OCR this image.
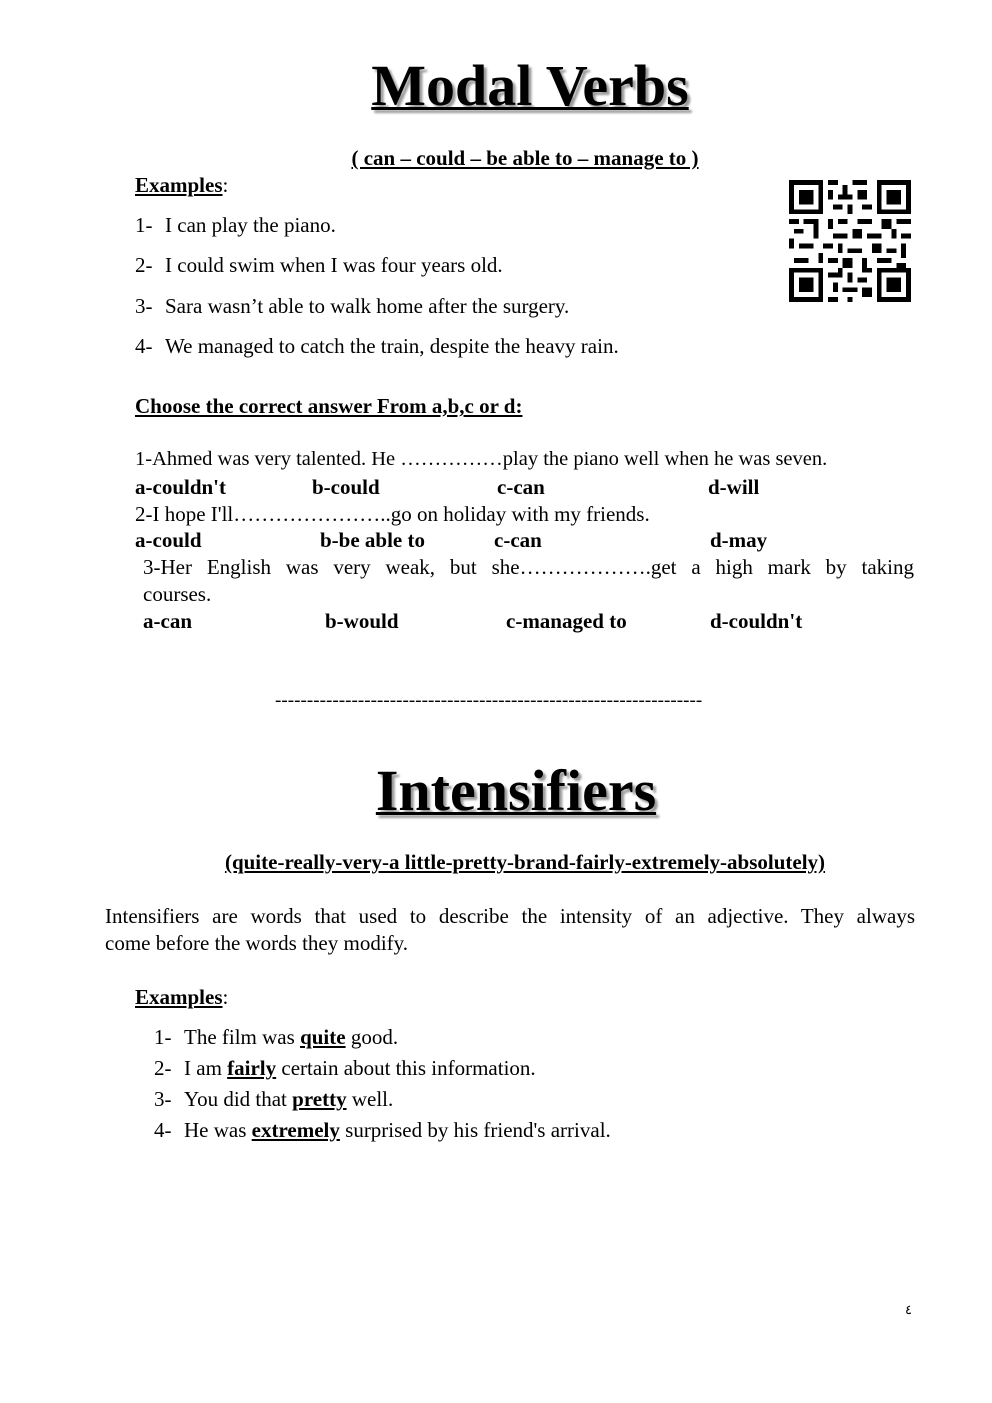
Modal Verbs
( can – could – be able to – manage to )
Examples:
1- I can play the piano.
2- I could swim when I was four years old.
3- Sara wasn’t able to walk home after the surgery.
4- We managed to catch the train, despite the heavy rain.
Choose the correct answer From a,b,c or d:
1-Ahmed was very talented. He ……………play the piano well when he was seven.
a-couldn't	b-could	c-can	d-will
2-I hope I'll…………………..go on holiday with my friends.
a-could	b-be able to	c-can	d-may
3-Her English was very weak, but she……………….get a high mark by taking
courses.
a-can	b-would	c-managed to	d-couldn't
-------------------------------------------------------------------
Intensifiers
(quite-really-very-a little-pretty-brand-fairly-extremely-absolutely)
Intensifiers are words that used to describe the intensity of an adjective. They always
come before the words they modify.
Examples:
1- The film was quite good.
2- I am fairly certain about this information.
3- You did that pretty well.
4- He was extremely surprised by his friend's arrival.
٤
